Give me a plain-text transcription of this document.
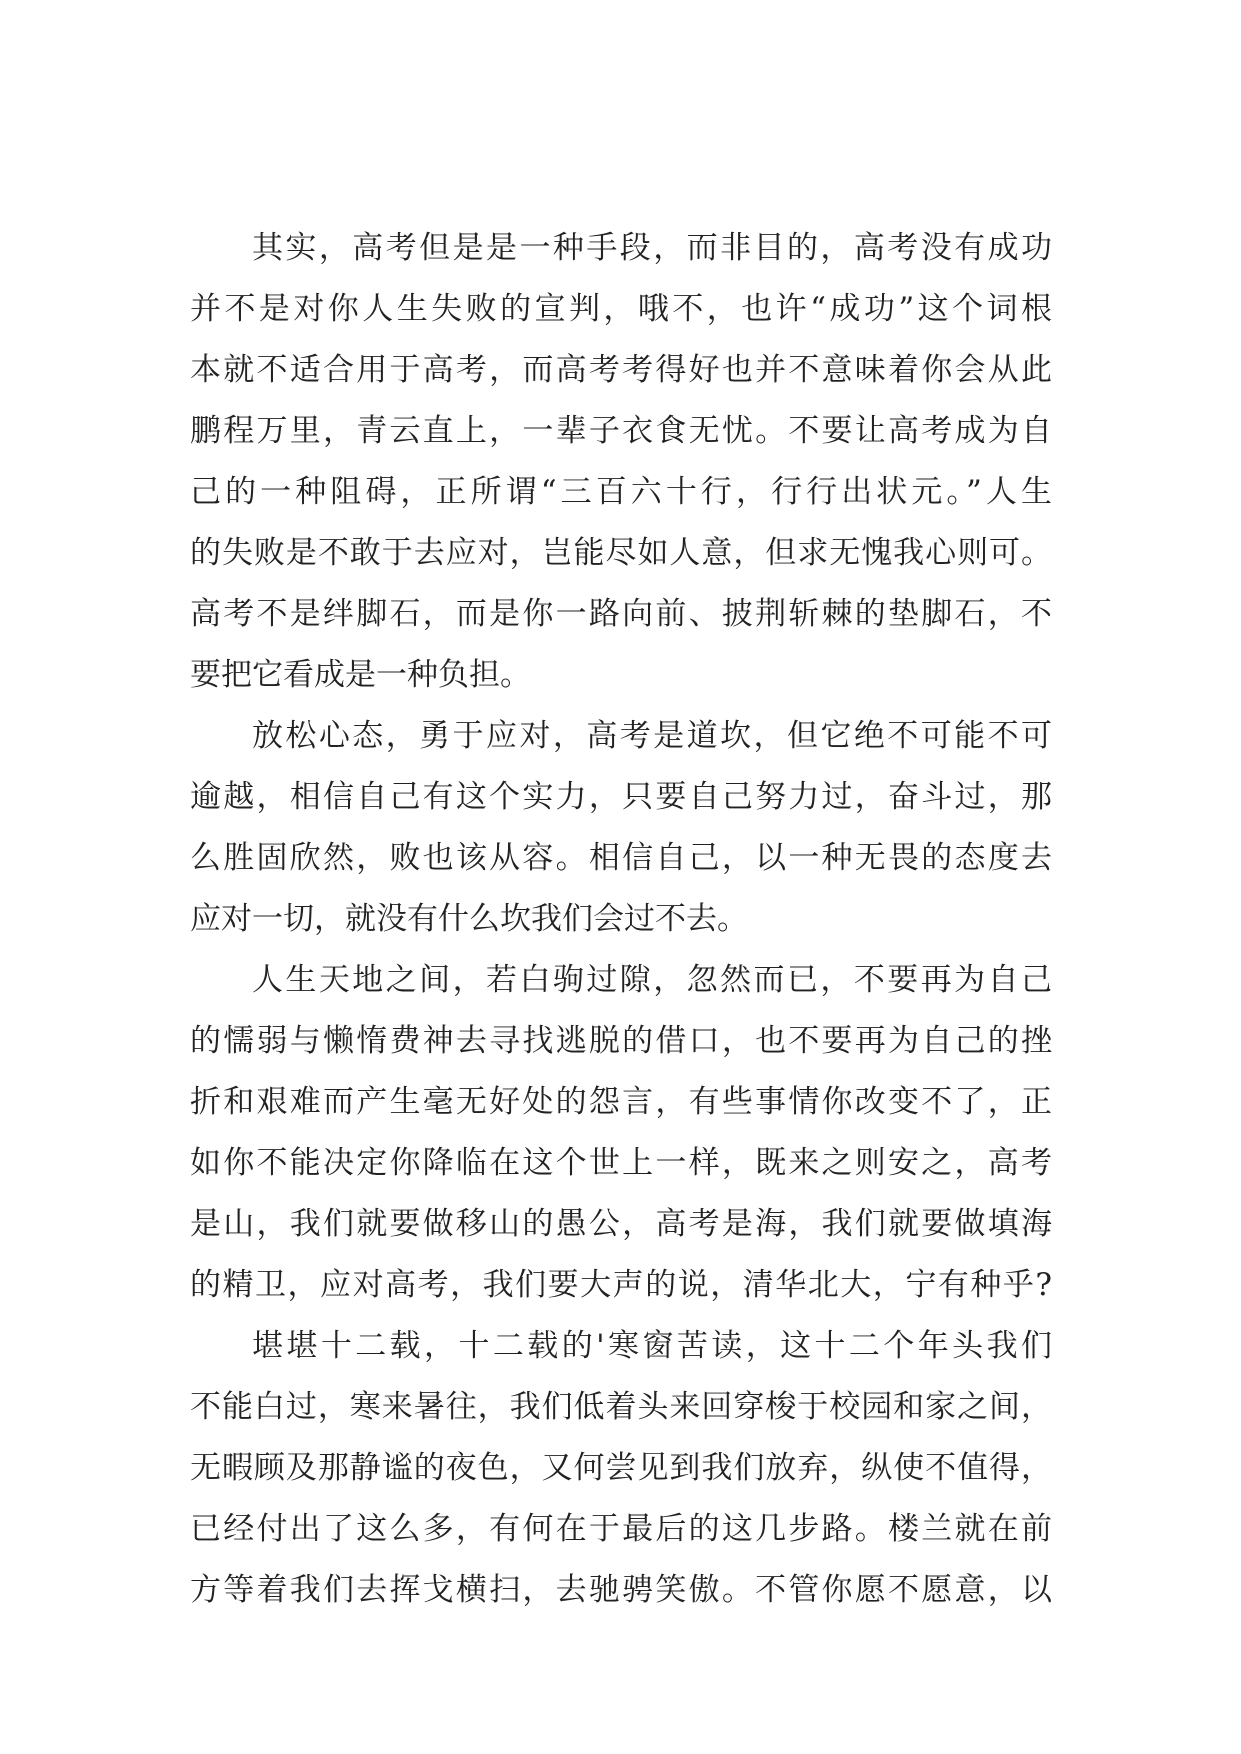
其实，高考但是是一种手段，而非目的，高考没有成功
并不是对你人生失败的宣判，哦不，也许“成功”这个词根
本就不适合用于高考，而高考考得好也并不意味着你会从此
鹏程万里，青云直上，一辈子衣食无忧。不要让高考成为自
己的一种阻碍，正所谓“三百六十行，行行出状元。”人生
的失败是不敢于去应对，岂能尽如人意，但求无愧我心则可。
高考不是绊脚石，而是你一路向前、披荆斩棘的垫脚石，不
要把它看成是一种负担。
放松心态，勇于应对，高考是道坎，但它绝不可能不可
逾越，相信自己有这个实力，只要自己努力过，奋斗过，那
么胜固欣然，败也该从容。相信自己，以一种无畏的态度去
应对一切，就没有什么坎我们会过不去。
人生天地之间，若白驹过隙，忽然而已，不要再为自己
的懦弱与懒惰费神去寻找逃脱的借口，也不要再为自己的挫
折和艰难而产生毫无好处的怨言，有些事情你改变不了，正
如你不能决定你降临在这个世上一样，既来之则安之，高考
是山，我们就要做移山的愚公，高考是海，我们就要做填海
的精卫，应对高考，我们要大声的说，清华北大，宁有种乎?
堪堪十二载，十二载的'寒窗苦读，这十二个年头我们
不能白过，寒来暑往，我们低着头来回穿梭于校园和家之间，
无暇顾及那静谧的夜色，又何尝见到我们放弃，纵使不值得，
已经付出了这么多，有何在于最后的这几步路。楼兰就在前
方等着我们去挥戈横扫，去驰骋笑傲。不管你愿不愿意，以
